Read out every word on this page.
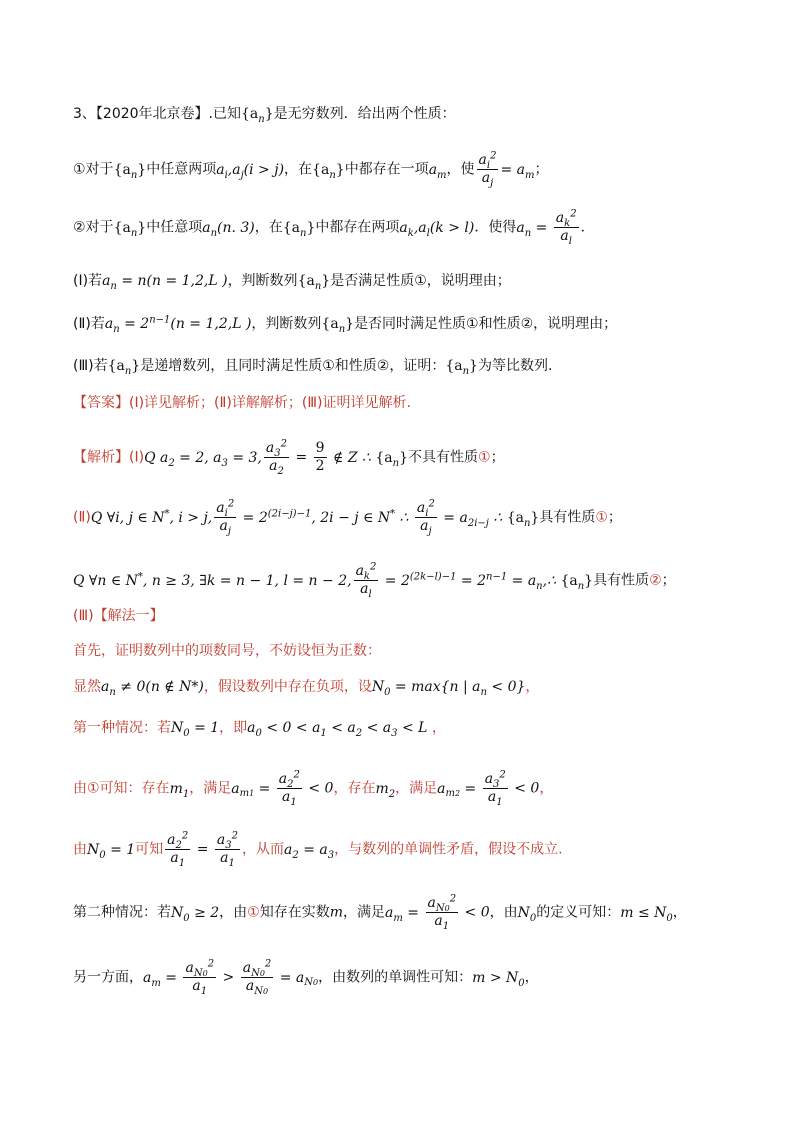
3、【2020年北京卷】.已知$\{a_n\}$是无穷数列．给出两个性质：
①对于$\{a_n\}$中任意两项$a_i,a_j(i > j)$，在$\{a_n\}$中都存在一项$a_m$，使 $\frac{a_i^2}{a_j} = a_m$；
②对于$\{a_n\}$中任意项$a_n(n$. 3)，在$\{a_n\}$中都存在两项$a_k,a_l(k > l)$．使得$a_n = \frac{a_k^2}{a_l}$ ．
(Ⅰ)若$a_n = n(n = 1,2,L$ )，判断数列$\{a_n\}$是否满足性质①，说明理由；
(Ⅱ)若$a_n = 2^{n-1}(n = 1,2,L$ )，判断数列$\{a_n\}$是否同时满足性质①和性质②，说明理由；
(Ⅲ)若$\{a_n\}$是递增数列，且同时满足性质①和性质②，证明：$\{a_n\}$为等比数列.
【答案】(Ⅰ)详见解析；(Ⅱ)详解解析；(Ⅲ)证明详见解析.
【解析】(Ⅰ)Q $a_2 = 2$, $a_3 = 3$, $\frac{a_3^2}{a_2} = \frac{9}{2}$ ∉ Z ∴ $\{a_n\}$不具有性质①；
(Ⅱ)Q ∀i, j ∈ N*, i > j, $\frac{a_i^2}{a_j} = 2^{(2i-j)-1}$, 2i − j ∈ N* ∴ $\frac{a_i^2}{a_j} = a_{2i-j}$ ∴ $\{a_n\}$具有性质①；
Q ∀n ∈ N*, n ≥ 3, ∃k = n − 1, l = n − 2, $\frac{a_k^2}{a_l} = 2^{(2k-l)-1} = 2^{n-1}$ = $a_n,\therefore$ $\{a_n\}$具有性质②；
(Ⅲ)【解法一】
首先，证明数列中的项数同号，不妨设恒为正数：
显然$a_n \ne 0(n$ ∉ N*)，假设数列中存在负项，设$N_0 = \max\{n$ | $a_n < 0$}，
第一种情况：若$N_0 = 1$，即$a_0 < 0 < a_1 < a_2 < a_3 < L$ ，
由①可知：存在$m_1$，满足$a_{m1} = \frac{a_2^2}{a_1} < 0$，存在$m_2$，满足$a_{m2} = \frac{a_3^2}{a_1} < 0$，
由$N_0 = 1$可知 $\frac{a_2^2}{a_1} = \frac{a_3^2}{a_1}$ ，从而$a_2 = a_3$，与数列的单调性矛盾，假设不成立.
第二种情况：若$N_0 \ge 2$，由①知存在实数m，满足$a_m = \frac{a_{N0}^2}{a_1} < 0$，由$N_0$的定义可知：$m \le N_0$，
另一方面，$a_m = \frac{a_{N0}^2}{a_1} > \frac{a_{N0}^2}{a_{N0}} = a_{N0}$，由数列的单调性可知：$m > N_0$，
